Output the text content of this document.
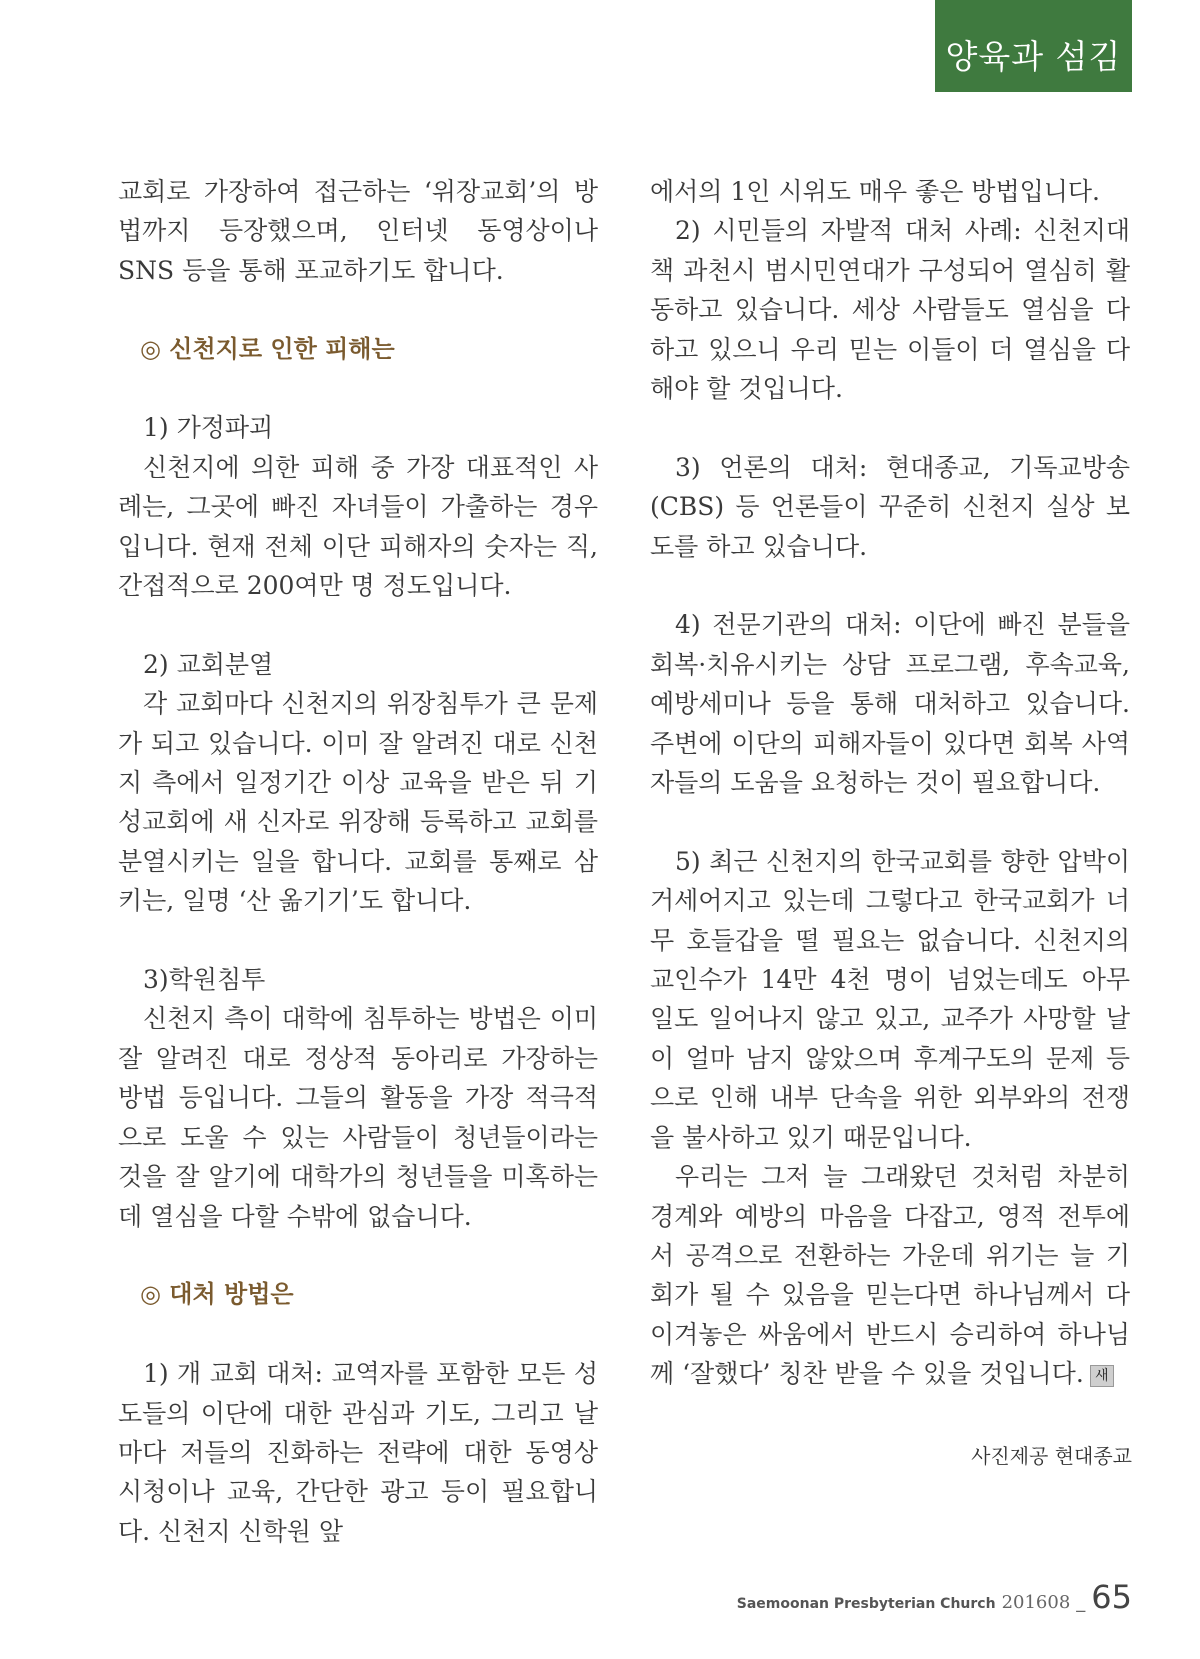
양육과 섬김

교회로 가장하여 접근하는 ‘위장교회’의 방법까지 등장했으며, 인터넷 동영상이나 SNS 등을 통해 포교하기도 합니다.

◎ 신천지로 인한 피해는

1) 가정파괴

신천지에 의한 피해 중 가장 대표적인 사례는, 그곳에 빠진 자녀들이 가출하는 경우입니다. 현재 전체 이단 피해자의 숫자는 직, 간접적으로 200여만 명 정도입니다.

2) 교회분열

각 교회마다 신천지의 위장침투가 큰 문제가 되고 있습니다. 이미 잘 알려진 대로 신천지 측에서 일정기간 이상 교육을 받은 뒤 기성교회에 새 신자로 위장해 등록하고 교회를 분열시키는 일을 합니다. 교회를 통째로 삼키는, 일명 ‘산 옮기기’도 합니다.

3)학원침투

신천지 측이 대학에 침투하는 방법은 이미 잘 알려진 대로 정상적 동아리로 가장하는 방법 등입니다. 그들의 활동을 가장 적극적으로 도울 수 있는 사람들이 청년들이라는 것을 잘 알기에 대학가의 청년들을 미혹하는데 열심을 다할 수밖에 없습니다.

◎ 대처 방법은

1) 개 교회 대처: 교역자를 포함한 모든 성도들의 이단에 대한 관심과 기도, 그리고 날마다 저들의 진화하는 전략에 대한 동영상 시청이나 교육, 간단한 광고 등이 필요합니다. 신천지 신학원 앞

에서의 1인 시위도 매우 좋은 방법입니다.

2) 시민들의 자발적 대처 사례: 신천지대책 과천시 범시민연대가 구성되어 열심히 활동하고 있습니다. 세상 사람들도 열심을 다하고 있으니 우리 믿는 이들이 더 열심을 다해야 할 것입니다.

3) 언론의 대처: 현대종교, 기독교방송(CBS) 등 언론들이 꾸준히 신천지 실상 보도를 하고 있습니다.

4) 전문기관의 대처: 이단에 빠진 분들을 회복·치유시키는 상담 프로그램, 후속교육, 예방세미나 등을 통해 대처하고 있습니다. 주변에 이단의 피해자들이 있다면 회복 사역자들의 도움을 요청하는 것이 필요합니다.

5) 최근 신천지의 한국교회를 향한 압박이 거세어지고 있는데 그렇다고 한국교회가 너무 호들갑을 떨 필요는 없습니다. 신천지의 교인수가 14만 4천 명이 넘었는데도 아무 일도 일어나지 않고 있고, 교주가 사망할 날이 얼마 남지 않았으며 후계구도의 문제 등으로 인해 내부 단속을 위한 외부와의 전쟁을 불사하고 있기 때문입니다.

우리는 그저 늘 그래왔던 것처럼 차분히 경계와 예방의 마음을 다잡고, 영적 전투에서 공격으로 전환하는 가운데 위기는 늘 기회가 될 수 있음을 믿는다면 하나님께서 다 이겨놓은 싸움에서 반드시 승리하여 하나님께 ‘잘했다’ 칭찬 받을 수 있을 것입니다. 새

사진제공 현대종교
Saemoonan Presbyterian Church 201608 _ 65
